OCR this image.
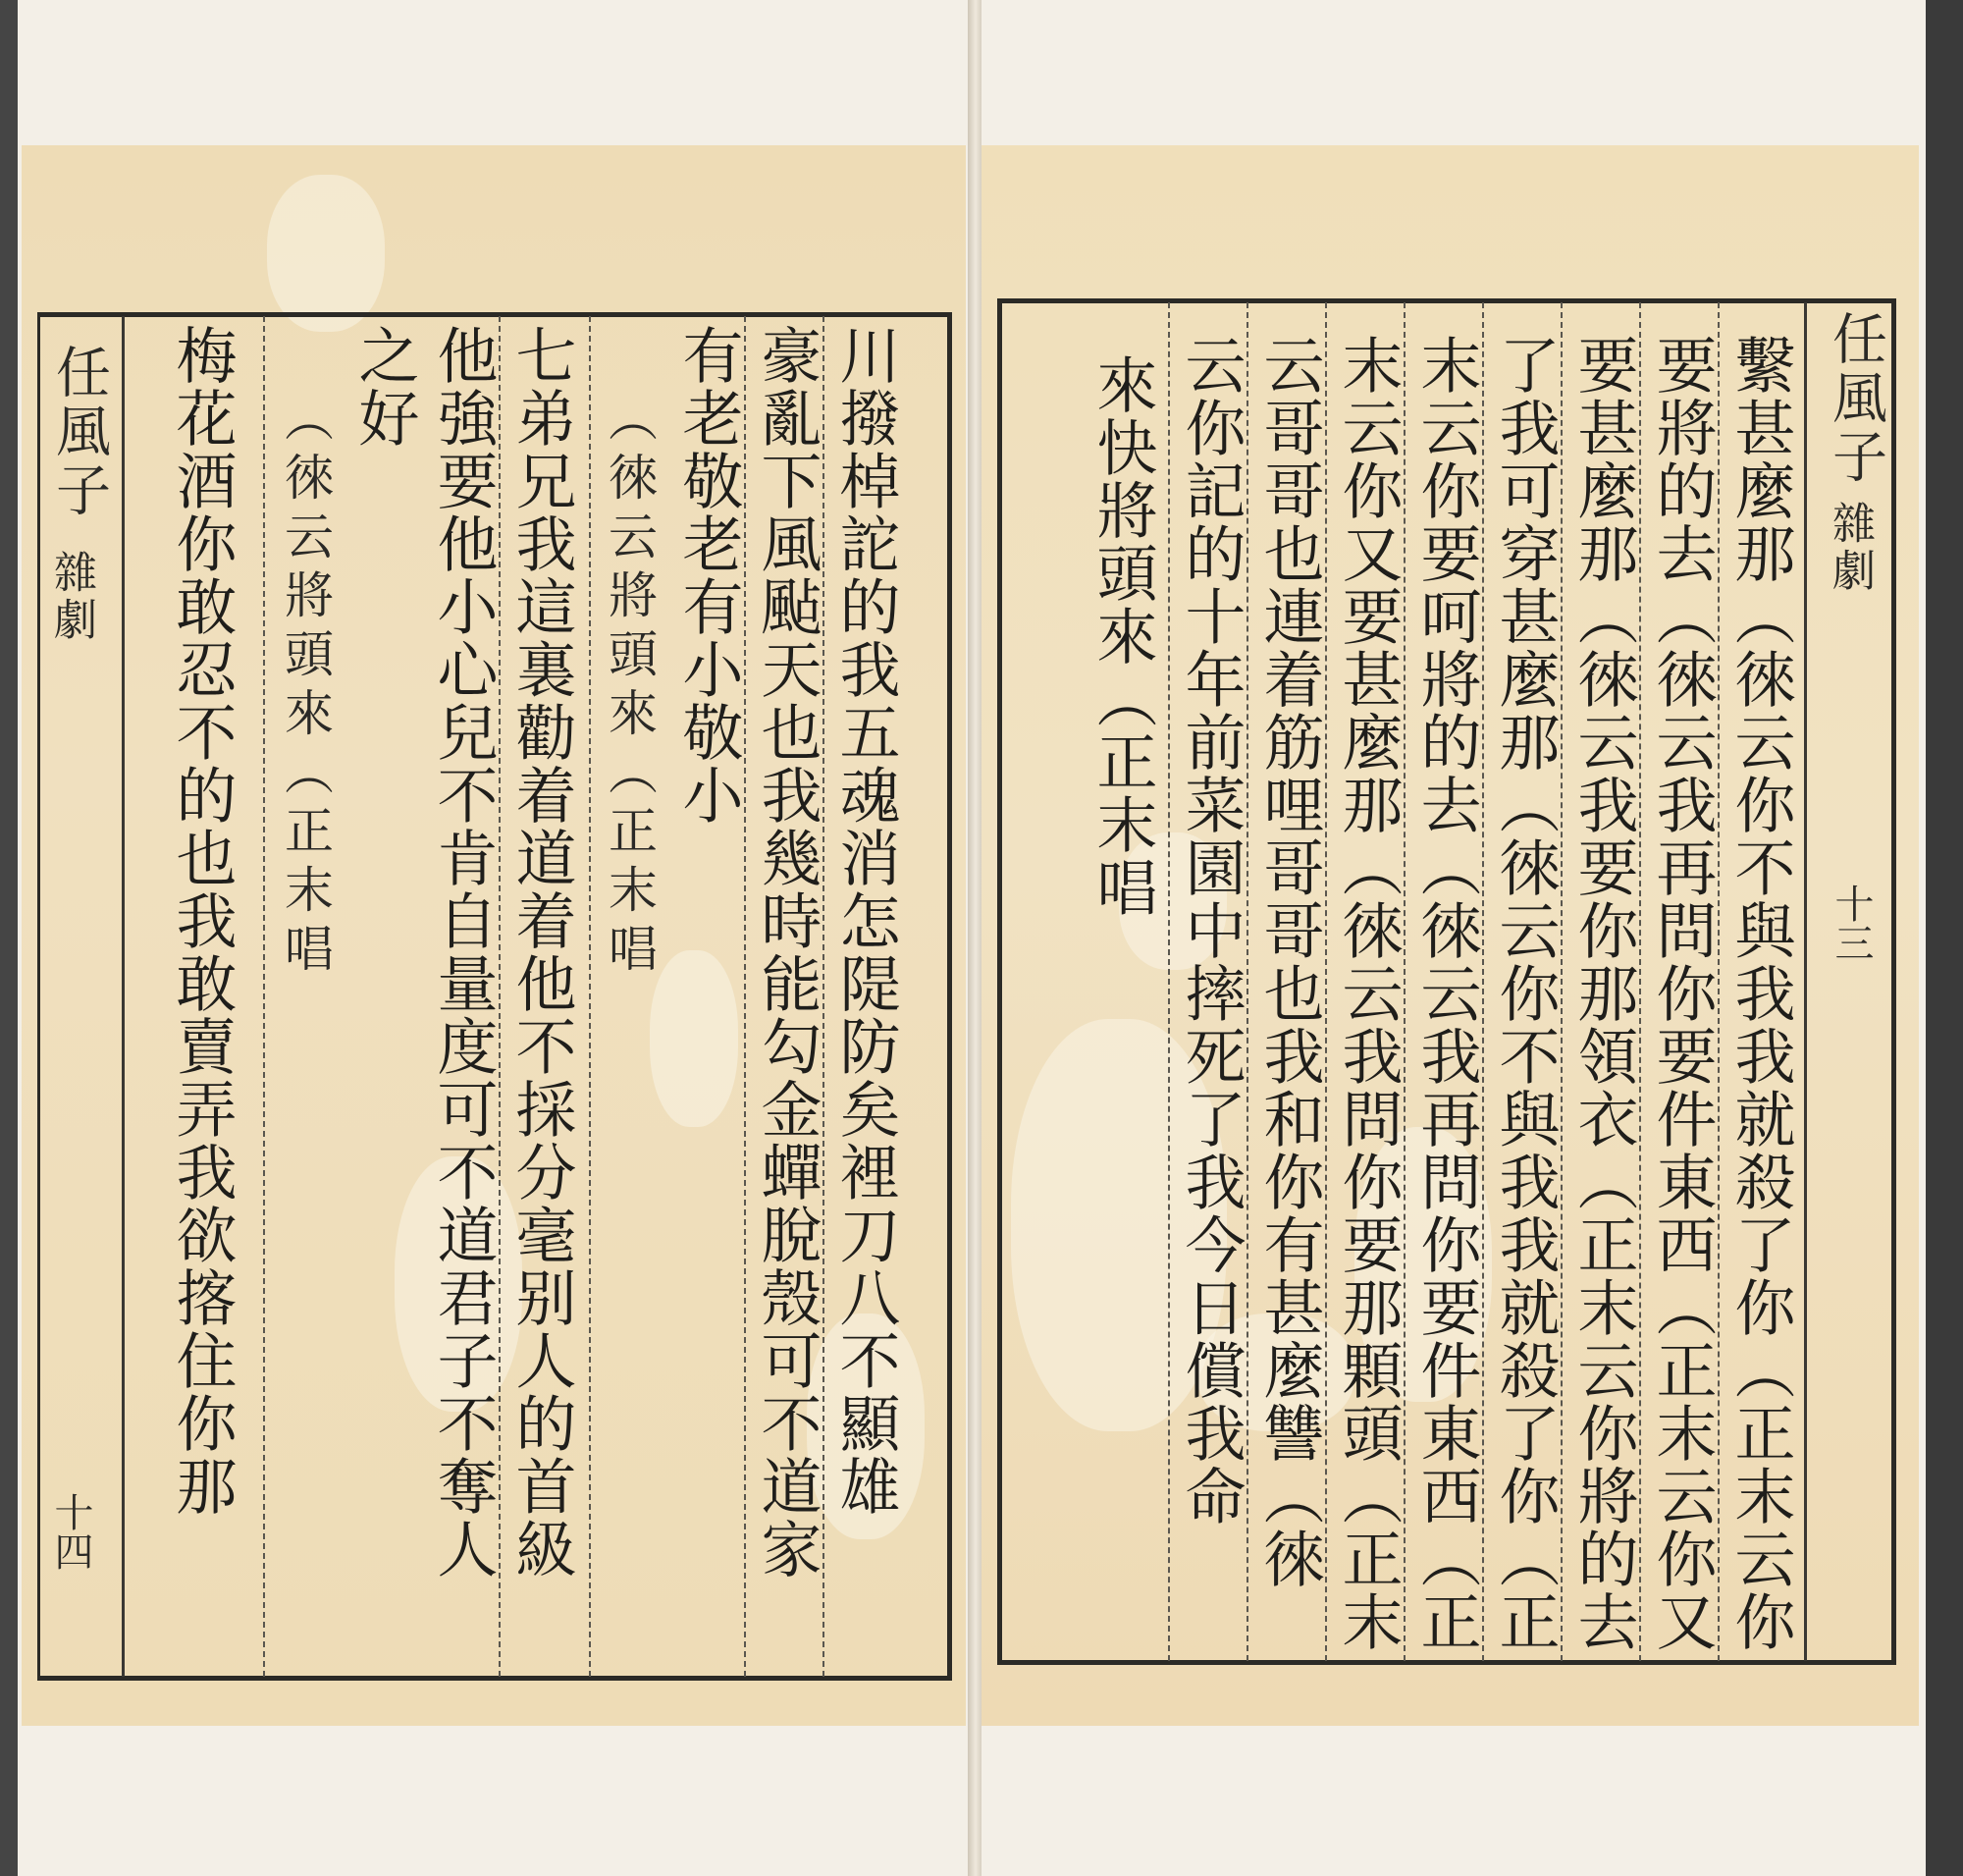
任風子
雜劇
十四
川撥棹詑的我五魂消怎隄防矣裡刀八不顯雄
豪亂下風颭天也我幾時能勾金蟬脫殼可不道家
有老敬老有小敬小
（徠云將頭來（正末唱
七弟兄我這裏勸着道着他不採分毫别人的首級
他強要他小心兒不肯自量度可不道君子不奪人
之好
（徠云將頭來（正末唱
梅花酒你敢忍不的也我敢賣弄我欲揢住你那	任風子
雜劇
十三
繫甚麼那（徠云你不與我我就殺了你（正末云你
要將的去（徠云我再問你要件東西（正末云你又
要甚麼那（徠云我要你那領衣（正末云你將的去
了我可穿甚麼那（徠云你不與我我就殺了你（正
末云你要呵將的去（徠云我再問你要件東西（正
末云你又要甚麼那（徠云我問你要那顆頭（正末
云哥哥也連着筋哩哥哥也我和你有甚麼讐（徠
云你記的十年前菜園中摔死了我今日償我命
來快將頭來（正末唱
